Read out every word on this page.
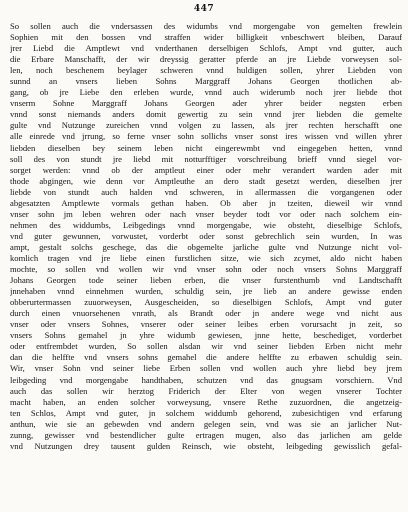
447
So sollen auch die vndersassen des widumbs vnd morgengabe von gemelten frewlein
Sophien mit den bossen vnd straffen wider billigkeit vnbeschwert bleiben, Darauf
jrer Liebd die Amptlewt vnd vnderthanen derselbigen Schlofs, Ampt vnd gutter, auch
die Erbare Manschafft, der wir dreyssig geratter pferde an jre Liebde vorweysen sol-
len, noch beschenem beylager schweren vnnd huldigen sollen, yhrer Liebden von
sunnd an vnsers lieben Sohns Marggraff Johans Georgen thotlichen ab-
gang, ob jre Liebe den erleben wurde, vnnd auch widerumb noch jrer liebde thot
vnserm Sohne Marggraff Johans Georgen ader yhrer beider negsten erben
vnnd sonst niemands anders domit gewertig zu sein vnnd jrer liebden die gemelte
gulte vnd Nutzunge zureichen vnnd volgen zu lassen, als jrer rechten herschafft one
alle einrede vnd jrrung, so ferne vnser sohn sollichs vnser sonst ires wissen vnd willen yhrer
liebden dieselben bey seinem leben nicht eingerewmbt vnd eingegeben hetten, vnnd
soll des von stundt jre liebd mit notturfftiger vorschreibung brieff vnnd siegel vor-
sorget werden: vnnd ob der amptleut einer oder mehr verandert warden ader mit
thode abgingen, wie denn vor Amptleuthe an dero stadt gesetzt werden, dieselben jrer
liebde von stundt auch halden vnd schweren, in allermassen die vorgangenen oder
abgesatzten Amptlewte vormals gethan haben. Ob aber jn tzeiten, dieweil wir vnnd
vnser sohn jm leben wehren oder nach vnser beyder todt vor oder nach solchem ein-
nehmen des widdumbs, Leibgedings vnnd morgengabe, wie obsteht, dieselbige Schlofs,
vnd guter gewunnen, vorwustet, vorderbt oder sonst gebrechlich sein wurden, In was
ampt, gestalt solchs geschege, das die obgemelte jarliche gulte vnd Nutzunge nicht vol-
komlich tragen vnd jre liebe einen furstlichen sitze, wie sich zcymet, aldo nicht haben
mochte, so sollen vnd wollen wir vnd vnser sohn oder noch vnsers Sohns Marggraff
Johans Georgen tode seiner lieben erben, die vnser furstenthumb vnd Landtschafft
jnnehaben vnnd einnehmen wurden, schuldig sein, jre lieb an andere gewisse enden
obberurtermassen zuuorweysen, Ausgescheiden, so dieselbigen Schlofs, Ampt vnd guter
durch einen vnuorsehenen vnrath, als Brandt oder jn andere wege vnd nicht aus
vnser oder vnsers Sohnes, vnserer oder seiner leibes erben vorursacht jn zeit, so
vnsers Sohns gemahel jn yhre widumb gewiesen, jnne hette, beschediget, vorderbet
oder entfrembdet wurden, So sollen alsdan wir vnd seiner liebden Erben nicht mehr
dan die helffte vnd vnsers sohns gemahel die andere helffte zu erbawen schuldig sein.
Wir, vnser Sohn vnd seiner liebe Erben sollen vnd wollen auch yhre liebd bey jrem
leibgeding vnd morgengabe handthaben, schutzen vnd das gnugsam vorschiern. Vnd
auch das sollen wir herztog Friderich der Elter von wegen vnserer Tochter
macht haben, an enden solcher vorweysung, vnsere Rethe zuzuordnen, die angetzeig-
ten Schlos, Ampt vnd guter, jn solchem widdumb gehorend, zubesichtigen vnd erfarung
anthun, wie sie an gebewden vnd andern gelegen sein, vnd was sie an jarlicher Nut-
zunng, gewisser vnd bestendlicher gulte ertragen mugen, also das jarlichen am gelde
vnd Nutzungen drey tausent gulden Reinsch, wie obsteht, leibgeding gewisslich gefal-
